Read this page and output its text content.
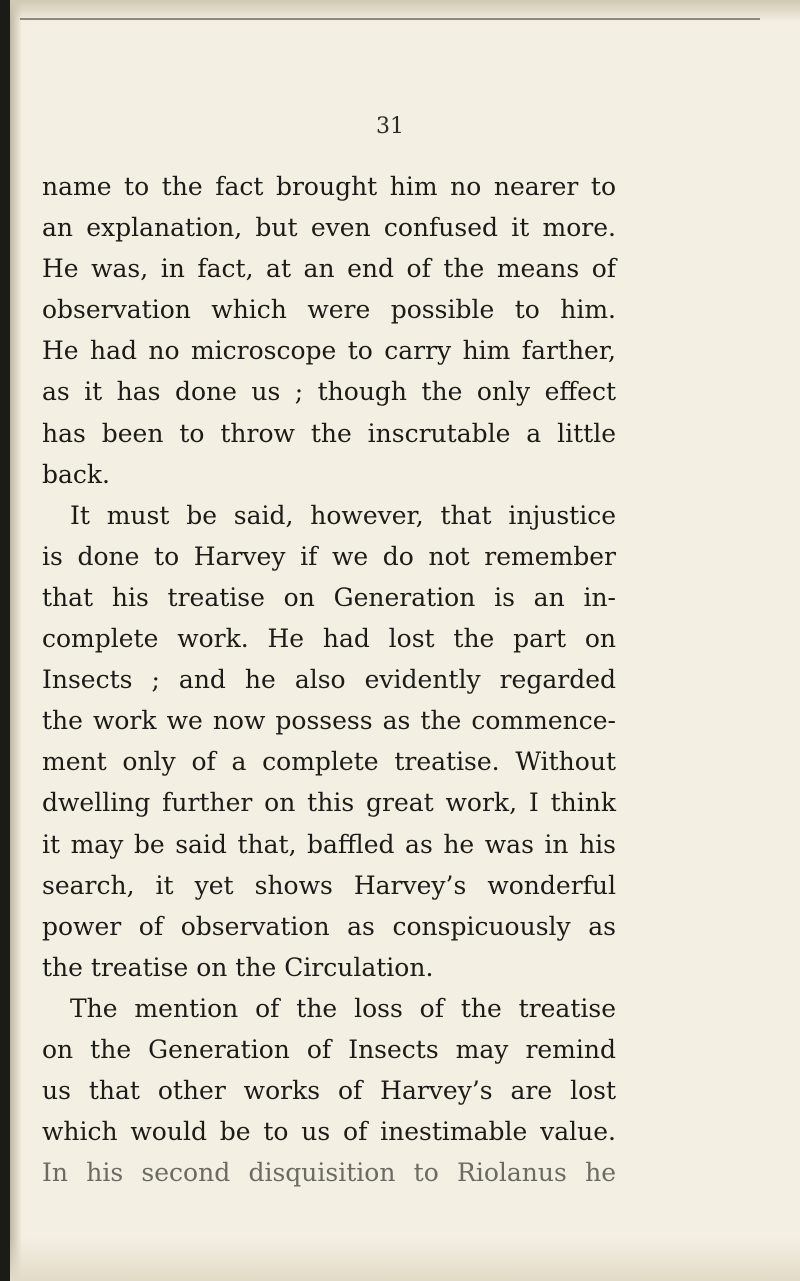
31
name to the fact brought him no nearer to
an explanation, but even confused it more.
He was, in fact, at an end of the means of
observation which were possible to him.
He had no microscope to carry him farther,
as it has done us ; though the only effect
has been to throw the inscrutable a little
back.
It must be said, however, that injustice
is done to Harvey if we do not remember
that his treatise on Generation is an in-
complete work. He had lost the part on
Insects ; and he also evidently regarded
the work we now possess as the commence-
ment only of a complete treatise. Without
dwelling further on this great work, I think
it may be said that, baffled as he was in his
search, it yet shows Harvey’s wonderful
power of observation as conspicuously as
the treatise on the Circulation.
The mention of the loss of the treatise
on the Generation of Insects may remind
us that other works of Harvey’s are lost
which would be to us of inestimable value.
In his second disquisition to Riolanus he
